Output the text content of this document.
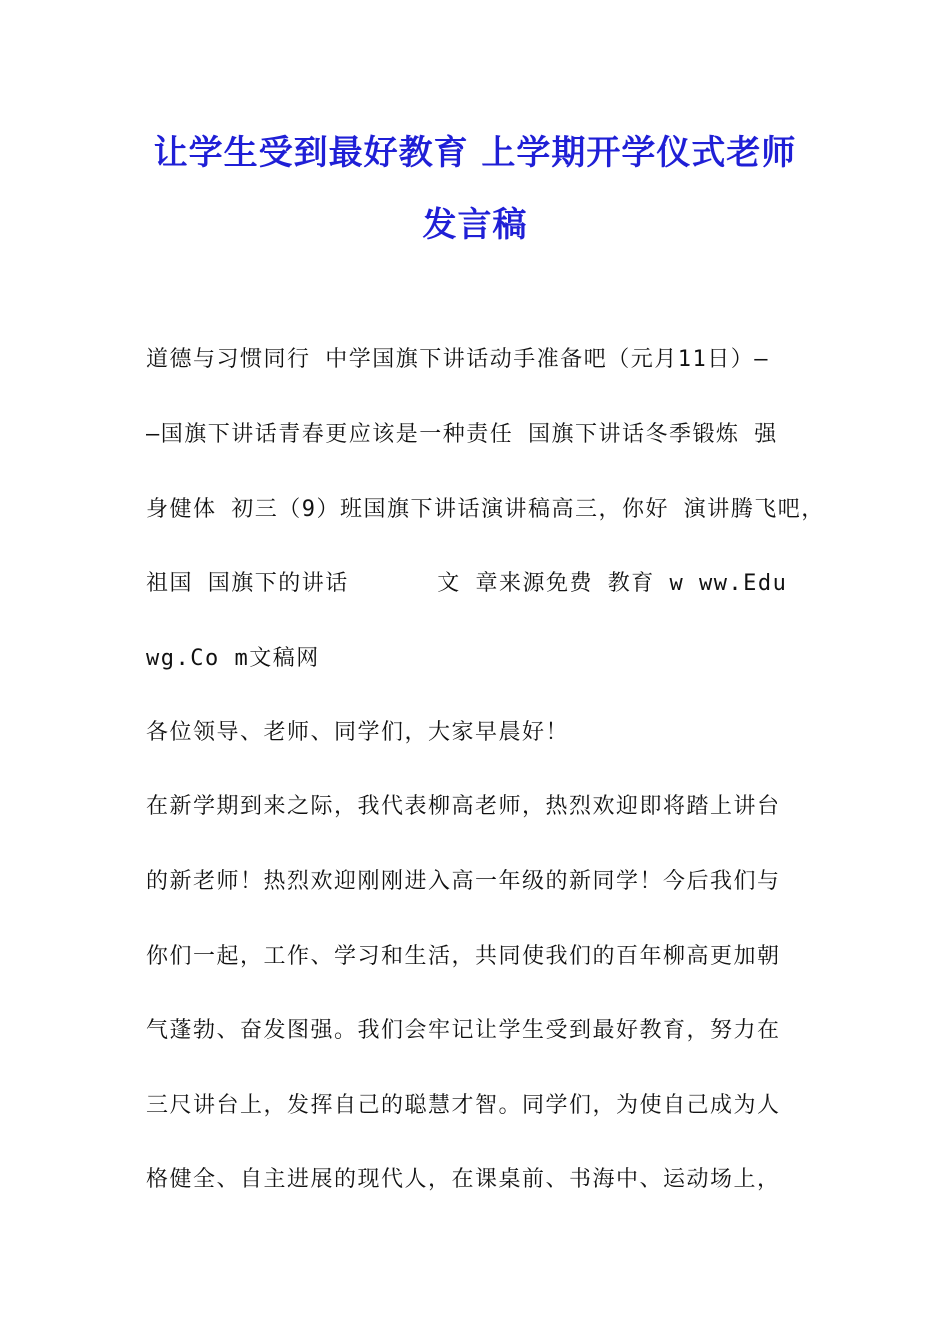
让学生受到最好教育 上学期开学仪式老师
发言稿
道德与习惯同行 中学国旗下讲话动手准备吧（元月11日）—
—国旗下讲话青春更应该是一种责任 国旗下讲话冬季锻炼 强
身健体 初三（9）班国旗下讲话演讲稿高三，你好 演讲腾飞吧，
祖国 国旗下的讲话      文 章来源免费 教育 w ww.Edu
wg.Co m文稿网
各位领导、老师、同学们，大家早晨好！
在新学期到来之际，我代表柳高老师，热烈欢迎即将踏上讲台
的新老师！热烈欢迎刚刚进入高一年级的新同学！今后我们与
你们一起，工作、学习和生活，共同使我们的百年柳高更加朝
气蓬勃、奋发图强。我们会牢记让学生受到最好教育，努力在
三尺讲台上，发挥自己的聪慧才智。同学们，为使自己成为人
格健全、自主进展的现代人，在课桌前、书海中、运动场上，
